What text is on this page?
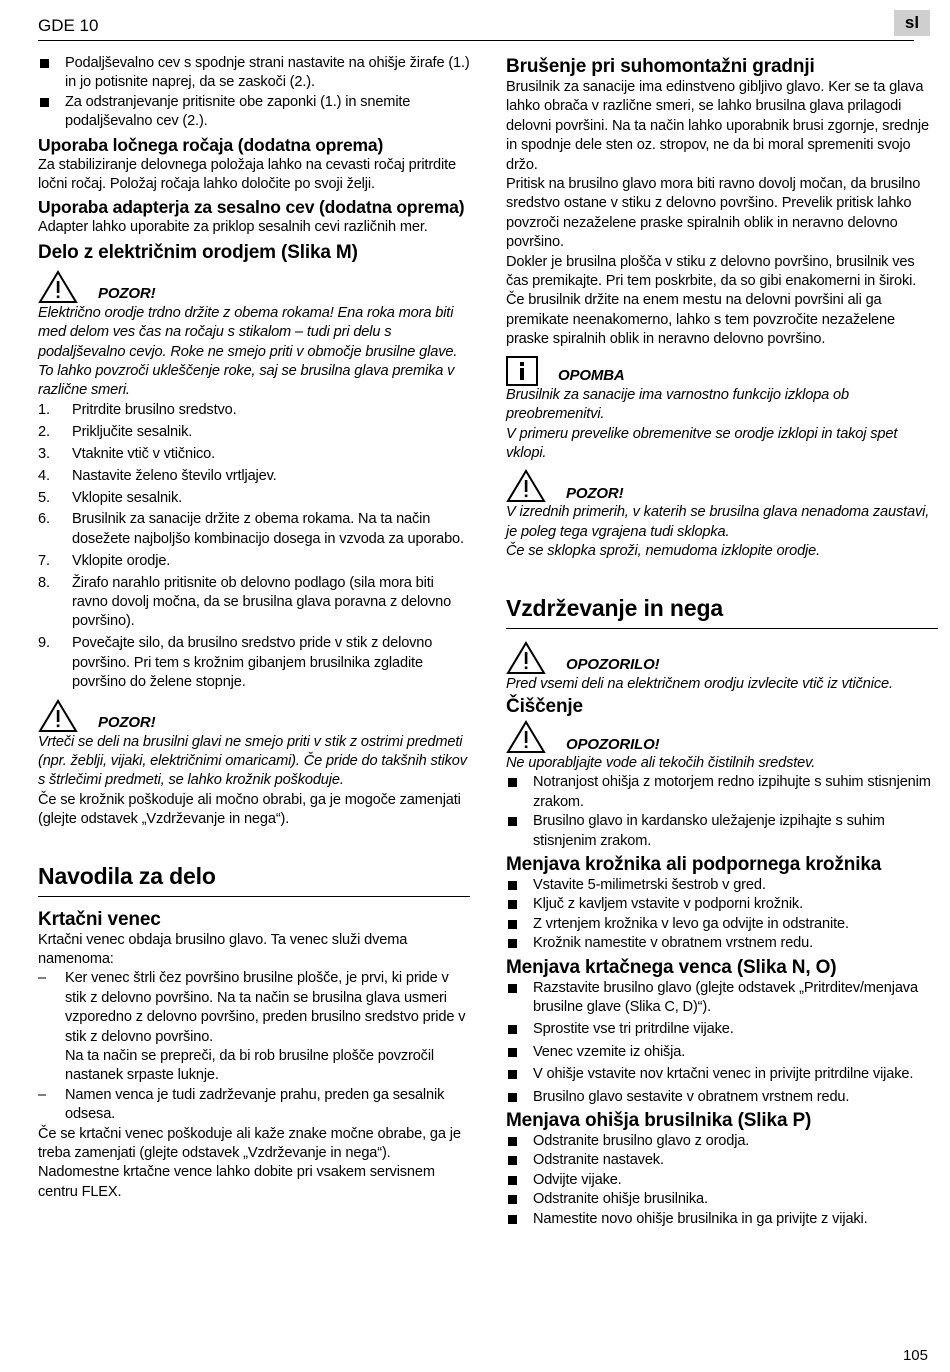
GDE 10	sl
Podaljševalno cev s spodnje strani nastavite na ohišje žirafe (1.) in jo potisnite naprej, da se zaskoči (2.).
Za odstranjevanje pritisnite obe zaponki (1.) in snemite podaljševalno cev (2.).

Uporaba ločnega ročaja (dodatna oprema)

Za stabiliziranje delovnega položaja lahko na cevasti ročaj pritrdite ločni ročaj. Položaj ročaja lahko določite po svoji želji.

Uporaba adapterja za sesalno cev (dodatna oprema)

Adapter lahko uporabite za priklop sesalnih cevi različnih mer.

Delo z električnim orodjem (Slika M)

POZOR!

Električno orodje trdno držite z obema rokama! Ena roka mora biti med delom ves čas na ročaju s stikalom – tudi pri delu s podaljševalno cevjo. Roke ne smejo priti v območje brusilne glave. To lahko povzroči ukleščenje roke, saj se brusilna glava premika v različne smeri.

1. Pritrdite brusilno sredstvo.
2. Priključite sesalnik.
3. Vtaknite vtič v vtičnico.
4. Nastavite želeno število vrtljajev.
5. Vklopite sesalnik.
6. Brusilnik za sanacije držite z obema rokama. Na ta način dosežete najboljšo kombinacijo dosega in vzvoda za uporabo.
7. Vklopite orodje.
8. Žirafo narahlo pritisnite ob delovno podlago (sila mora biti ravno dovolj močna, da se brusilna glava poravna z delovno površino).
9. Povečajte silo, da brusilno sredstvo pride v stik z delovno površino. Pri tem s krožnim gibanjem brusilnika zgladite površino do želene stopnje.
POZOR!

Vrteči se deli na brusilni glavi ne smejo priti v stik z ostrimi predmeti (npr. žeblji, vijaki, električnimi omaricami). Če pride do takšnih stikov s štrlečimi predmeti, se lahko krožnik poškoduje.

Če se krožnik poškoduje ali močno obrabi, ga je mogoče zamenjati (glejte odstavek „Vzdrževanje in nega“).

Navodila za delo

Krtačni venec

Krtačni venec obdaja brusilno glavo. Ta venec služi dvema namenoma:

– Ker venec štrli čez površino brusilne plošče, je prvi, ki pride v stik z delovno površino. Na ta način se brusilna glava usmeri vzporedno z delovno površino, preden brusilno sredstvo pride v stik z delovno površino.
Na ta način se prepreči, da bi rob brusilne plošče povzročil nastanek srpaste luknje.
– Namen venca je tudi zadrževanje prahu, preden ga sesalnik odsesa.

Če se krtačni venec poškoduje ali kaže znake močne obrabe, ga je treba zamenjati (glejte odstavek „Vzdrževanje in nega“). Nadomestne krtačne vence lahko dobite pri vsakem servisnem centru FLEX.

Brušenje pri suhomontažni gradnji

Brusilnik za sanacije ima edinstveno gibljivo glavo. Ker se ta glava lahko obrača v različne smeri, se lahko brusilna glava prilagodi delovni površini. Na ta način lahko uporabnik brusi zgornje, srednje in spodnje dele sten oz. stropov, ne da bi moral spremeniti svojo držo.

Pritisk na brusilno glavo mora biti ravno dovolj močan, da brusilno sredstvo ostane v stiku z delovno površino. Prevelik pritisk lahko povzroči nezaželene praske spiralnih oblik in neravno delovno površino.

Dokler je brusilna plošča v stiku z delovno površino, brusilnik ves čas premikajte. Pri tem poskrbite, da so gibi enakomerni in široki.

Če brusilnik držite na enem mestu na delovni površini ali ga premikate neenakomerno, lahko s tem povzročite nezaželene praske spiralnih oblik in neravno delovno površino.

OPOMBA

Brusilnik za sanacije ima varnostno funkcijo izklopa ob preobremenitvi.
V primeru prevelike obremenitve se orodje izklopi in takoj spet vklopi.

POZOR!

V izrednih primerih, v katerih se brusilna glava nenadoma zaustavi, je poleg tega vgrajena tudi sklopka.
Če se sklopka sproži, nemudoma izklopite orodje.

Vzdrževanje in nega

OPOZORILO!

Pred vsemi deli na električnem orodju izvlecite vtič iz vtičnice.

Čiščenje

OPOZORILO!

Ne uporabljajte vode ali tekočih čistilnih sredstev.

Notranjost ohišja z motorjem redno izpihujte s suhim stisnjenim zrakom.
Brusilno glavo in kardansko uležajenje izpihajte s suhim stisnjenim zrakom.

Menjava krožnika ali podpornega krožnika

Vstavite 5-milimetrski šestrob v gred.
Ključ z kavljem vstavite v podporni krožnik.
Z vrtenjem krožnika v levo ga odvijte in odstranite.
Krožnik namestite v obratnem vrstnem redu.

Menjava krtačnega venca (Slika N, O)

Razstavite brusilno glavo (glejte odstavek „Pritrditev/menjava brusilne glave (Slika C, D)“).
Sprostite vse tri pritrdilne vijake.
Venec vzemite iz ohišja.
V ohišje vstavite nov krtačni venec in privijte pritrdilne vijake.
Brusilno glavo sestavite v obratnem vrstnem redu.

Menjava ohišja brusilnika (Slika P)

Odstranite brusilno glavo z orodja.
Odstranite nastavek.
Odvijte vijake.
Odstranite ohišje brusilnika.
Namestite novo ohišje brusilnika in ga privijte z vijaki.
105
